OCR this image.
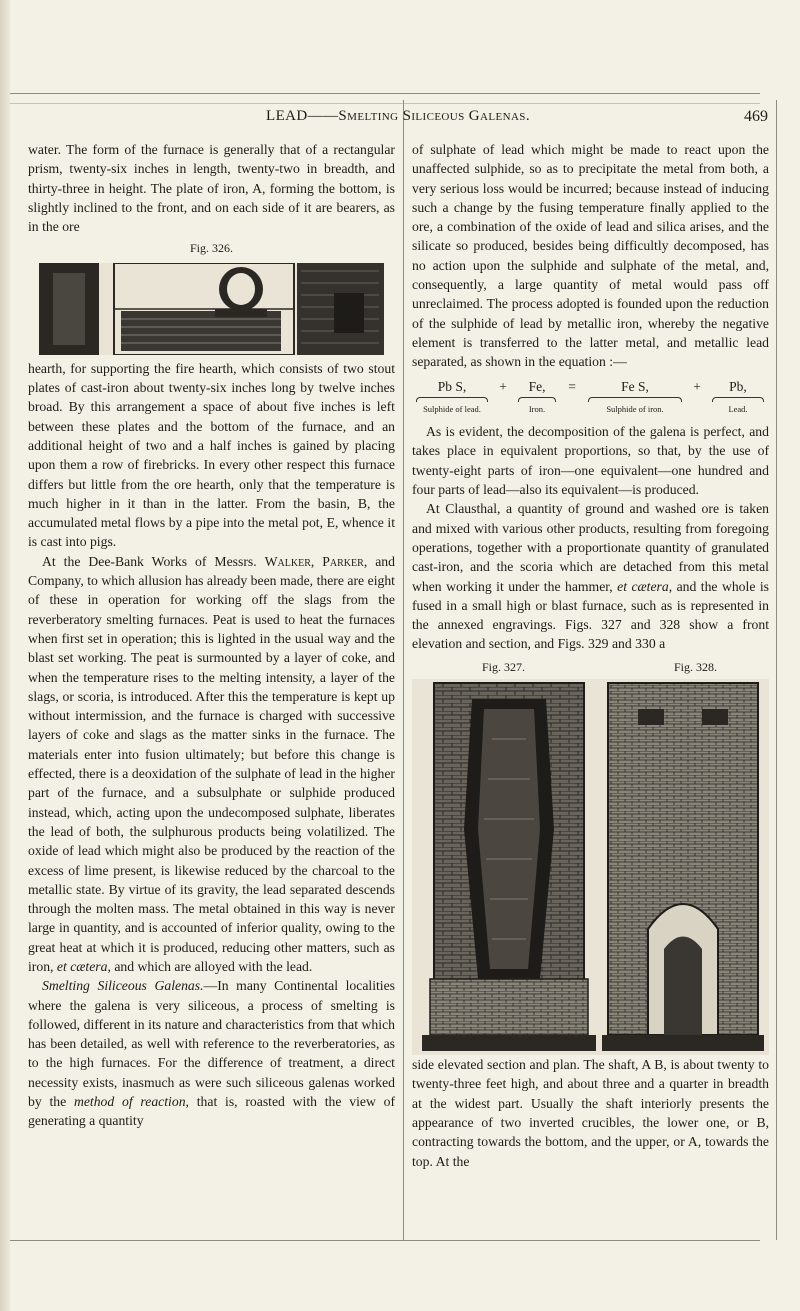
LEAD——Smelting Siliceous Galenas.	469

water. The form of the furnace is generally that of a rectangular prism, twenty-six inches in length, twenty-two in breadth, and thirty-three in height. The plate of iron, A, forming the bottom, is slightly inclined to the front, and on each side of it are bearers, as in the ore

Fig. 326.

hearth, for supporting the fire hearth, which consists of two stout plates of cast-iron about twenty-six inches long by twelve inches broad. By this arrangement a space of about five inches is left between these plates and the bottom of the furnace, and an additional height of two and a half inches is gained by placing upon them a row of firebricks. In every other respect this furnace differs but little from the ore hearth, only that the temperature is much higher in it than in the latter. From the basin, B, the accumulated metal flows by a pipe into the metal pot, E, whence it is cast into pigs.

At the Dee-Bank Works of Messrs. Walker, Parker, and Company, to which allusion has already been made, there are eight of these in operation for working off the slags from the reverberatory smelting furnaces. Peat is used to heat the furnaces when first set in operation; this is lighted in the usual way and the blast set working. The peat is surmounted by a layer of coke, and when the temperature rises to the melting intensity, a layer of the slags, or scoria, is introduced. After this the temperature is kept up without intermission, and the furnace is charged with successive layers of coke and slags as the matter sinks in the furnace. The materials enter into fusion ultimately; but before this change is effected, there is a deoxidation of the sulphate of lead in the higher part of the furnace, and a subsulphate or sulphide produced instead, which, acting upon the undecomposed sulphate, liberates the lead of both, the sulphurous products being volatilized. The oxide of lead which might also be produced by the reaction of the excess of lime present, is likewise reduced by the charcoal to the metallic state. By virtue of its gravity, the lead separated descends through the molten mass. The metal obtained in this way is never large in quantity, and is accounted of inferior quality, owing to the great heat at which it is produced, reducing other matters, such as iron, et cætera, and which are alloyed with the lead.

Smelting Siliceous Galenas.—In many Continental localities where the galena is very siliceous, a process of smelting is followed, different in its nature and characteristics from that which has been detailed, as well with reference to the reverberatories, as to the high furnaces. For the difference of treatment, a direct necessity exists, inasmuch as were such siliceous galenas worked by the method of reaction, that is, roasted with the view of generating a quantity

of sulphate of lead which might be made to react upon the unaffected sulphide, so as to precipitate the metal from both, a very serious loss would be incurred; because instead of inducing such a change by the fusing temperature finally applied to the ore, a combination of the oxide of lead and silica arises, and the silicate so produced, besides being difficultly decomposed, has no action upon the sulphide and sulphate of the metal, and, consequently, a large quantity of metal would pass off unreclaimed. The process adopted is founded upon the reduction of the sulphide of lead by metallic iron, whereby the negative element is transferred to the latter metal, and metallic lead separated, as shown in the equation :—

Pb S,	+	Fe,	=	Fe S,	+	Pb,
Sulphide of lead.	Iron.	Sulphide of iron.	Lead.

As is evident, the decomposition of the galena is perfect, and takes place in equivalent proportions, so that, by the use of twenty-eight parts of iron—one equivalent—one hundred and four parts of lead—also its equivalent—is produced.

At Clausthal, a quantity of ground and washed ore is taken and mixed with various other products, resulting from foregoing operations, together with a proportionate quantity of granulated cast-iron, and the scoria which are detached from this metal when working it under the hammer, et cætera, and the whole is fused in a small high or blast furnace, such as is represented in the annexed engravings. Figs. 327 and 328 show a front elevation and section, and Figs. 329 and 330 a

Fig. 327.	Fig. 328.

side elevated section and plan. The shaft, A B, is about twenty to twenty-three feet high, and about three and a quarter in breadth at the widest part. Usually the shaft interiorly presents the appearance of two inverted crucibles, the lower one, or B, contracting towards the bottom, and the upper, or A, towards the top. At the
